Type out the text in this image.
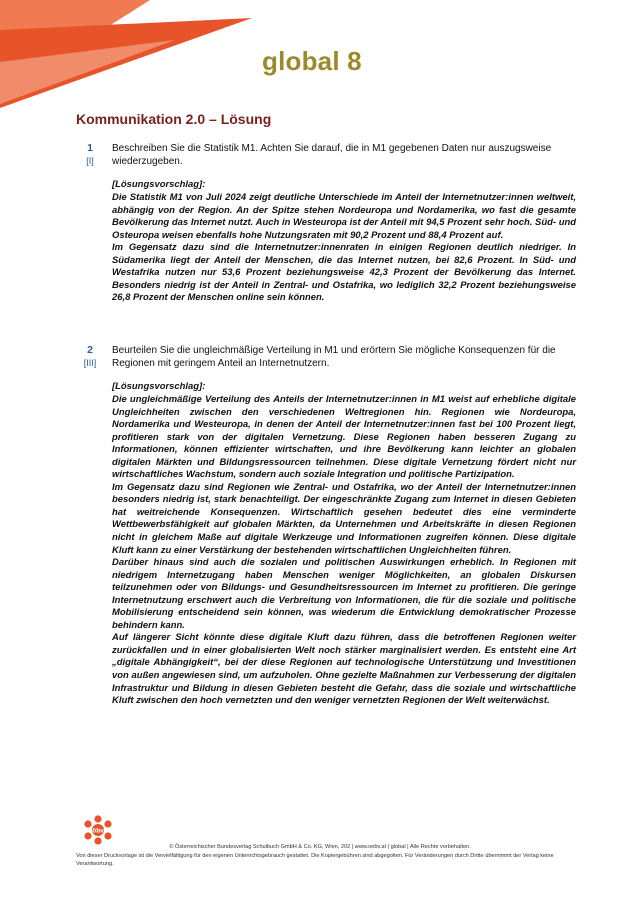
global 8
Kommunikation 2.0 – Lösung
1
[I]
Beschreiben Sie die Statistik M1. Achten Sie darauf, die in M1 gegebenen Daten nur auszugsweise wiederzugeben.
[Lösungsvorschlag]:

Die Statistik M1 von Juli 2024 zeigt deutliche Unterschiede im Anteil der Internetnutzer:innen weltweit, abhängig von der Region. An der Spitze stehen Nordeuropa und Nordamerika, wo fast die gesamte Bevölkerung das Internet nutzt. Auch in Westeuropa ist der Anteil mit 94,5 Prozent sehr hoch. Süd- und Osteuropa weisen ebenfalls hohe Nutzungsraten mit 90,2 Prozent und 88,4 Prozent auf.

Im Gegensatz dazu sind die Internetnutzer:innenraten in einigen Regionen deutlich niedriger. In Südamerika liegt der Anteil der Menschen, die das Internet nutzen, bei 82,6 Prozent. In Süd- und Westafrika nutzen nur 53,6 Prozent beziehungsweise 42,3 Prozent der Bevölkerung das Internet. Besonders niedrig ist der Anteil in Zentral- und Ostafrika, wo lediglich 32,2 Prozent beziehungsweise 26,8 Prozent der Menschen online sein können.

2
[III]
Beurteilen Sie die ungleichmäßige Verteilung in M1 und erörtern Sie mögliche Konsequenzen für die Regionen mit geringem Anteil an Internetnutzern.
[Lösungsvorschlag]:

Die ungleichmäßige Verteilung des Anteils der Internetnutzer:innen in M1 weist auf erhebliche digitale Ungleichheiten zwischen den verschiedenen Weltregionen hin. Regionen wie Nordeuropa, Nordamerika und Westeuropa, in denen der Anteil der Internetnutzer:innen fast bei 100 Prozent liegt, profitieren stark von der digitalen Vernetzung. Diese Regionen haben besseren Zugang zu Informationen, können effizienter wirtschaften, und ihre Bevölkerung kann leichter an globalen digitalen Märkten und Bildungsressourcen teilnehmen. Diese digitale Vernetzung fördert nicht nur wirtschaftliches Wachstum, sondern auch soziale Integration und politische Partizipation.

Im Gegensatz dazu sind Regionen wie Zentral- und Ostafrika, wo der Anteil der Internetnutzer:innen besonders niedrig ist, stark benachteiligt. Der eingeschränkte Zugang zum Internet in diesen Gebieten hat weitreichende Konsequenzen. Wirtschaftlich gesehen bedeutet dies eine verminderte Wettbewerbsfähigkeit auf globalen Märkten, da Unternehmen und Arbeitskräfte in diesen Regionen nicht in gleichem Maße auf digitale Werkzeuge und Informationen zugreifen können. Diese digitale Kluft kann zu einer Verstärkung der bestehenden wirtschaftlichen Ungleichheiten führen.

Darüber hinaus sind auch die sozialen und politischen Auswirkungen erheblich. In Regionen mit niedrigem Internetzugang haben Menschen weniger Möglichkeiten, an globalen Diskursen teilzunehmen oder von Bildungs- und Gesundheitsressourcen im Internet zu profitieren. Die geringe Internetnutzung erschwert auch die Verbreitung von Informationen, die für die soziale und politische Mobilisierung entscheidend sein können, was wiederum die Entwicklung demokratischer Prozesse behindern kann.

Auf längerer Sicht könnte diese digitale Kluft dazu führen, dass die betroffenen Regionen weiter zurückfallen und in einer globalisierten Welt noch stärker marginalisiert werden. Es entsteht eine Art „digitale Abhängigkeit“, bei der diese Regionen auf technologische Unterstützung und Investitionen von außen angewiesen sind, um aufzuholen. Ohne gezielte Maßnahmen zur Verbesserung der digitalen Infrastruktur und Bildung in diesen Gebieten besteht die Gefahr, dass die soziale und wirtschaftliche Kluft zwischen den hoch vernetzten und den weniger vernetzten Regionen der Welt weiterwächst.

öbv
© Österreichischer Bundesverlag Schulbuch GmbH & Co. KG, Wien, 202 | www.oebv.at | global | Alle Rechte vorbehalten.
Von dieser Druckvorlage ist die Vervielfältigung für den eigenen Unterrichtsgebrauch gestattet. Die Kopiergebühren sind abgegolten. Für Veränderungen durch Dritte übernimmt der Verlag keine Verantwortung.
